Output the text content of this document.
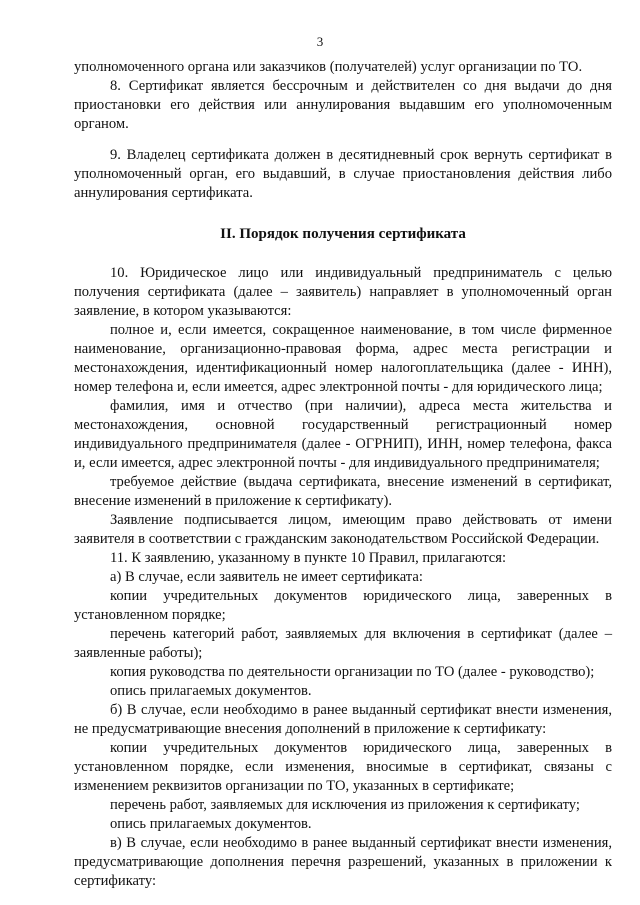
3

уполномоченного органа или заказчиков (получателей) услуг организации по ТО.

8. Сертификат является бессрочным и действителен со дня выдачи до дня приостановки его действия или аннулирования выдавшим его уполномоченным органом.

9. Владелец сертификата должен в десятидневный срок вернуть сертификат в уполномоченный орган, его выдавший, в случае приостановления действия либо аннулирования сертификата.

II. Порядок получения сертификата

10. Юридическое лицо или индивидуальный предприниматель с целью получения сертификата (далее – заявитель) направляет в уполномоченный орган заявление, в котором указываются:

полное и, если имеется, сокращенное наименование, в том числе фирменное наименование, организационно-правовая форма, адрес места регистрации и местонахождения, идентификационный номер налогоплательщика (далее - ИНН), номер телефона и, если имеется, адрес электронной почты - для юридического лица;

фамилия, имя и отчество (при наличии), адреса места жительства и местонахождения, основной государственный регистрационный номер индивидуального предпринимателя (далее - ОГРНИП), ИНН, номер телефона, факса и, если имеется, адрес электронной почты - для индивидуального предпринимателя;

требуемое действие (выдача сертификата, внесение изменений в сертификат, внесение изменений в приложение к сертификату).

Заявление подписывается лицом, имеющим право действовать от имени заявителя в соответствии с гражданским законодательством Российской Федерации.

11. К заявлению, указанному в пункте 10 Правил, прилагаются:

а) В случае, если заявитель не имеет сертификата:

копии учредительных документов юридического лица, заверенных в установленном порядке;

перечень категорий работ, заявляемых для включения в сертификат (далее – заявленные работы);

копия руководства по деятельности организации по ТО (далее - руководство);

опись прилагаемых документов.

б) В случае, если необходимо в ранее выданный сертификат внести изменения, не предусматривающие внесения дополнений в приложение к сертификату:

копии учредительных документов юридического лица, заверенных в установленном порядке, если изменения, вносимые в сертификат, связаны с изменением реквизитов организации по ТО, указанных в сертификате;

перечень работ, заявляемых для исключения из приложения к сертификату;

опись прилагаемых документов.

в) В случае, если необходимо в ранее выданный сертификат внести изменения, предусматривающие дополнения перечня разрешений, указанных в приложении к сертификату:
